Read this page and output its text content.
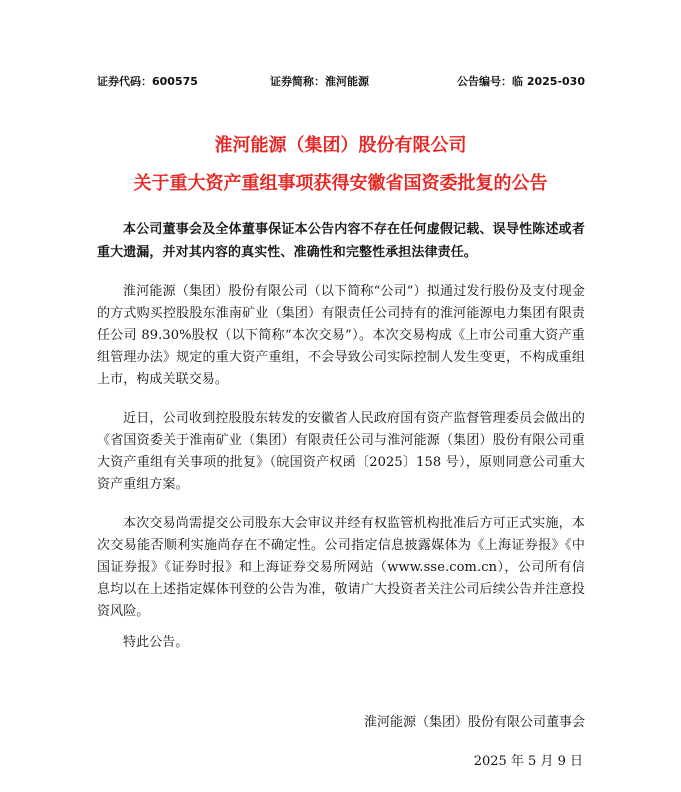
证券代码：600575	证券简称：淮河能源	公告编号：临 2025-030
淮河能源（集团）股份有限公司
关于重大资产重组事项获得安徽省国资委批复的公告
本公司董事会及全体董事保证本公告内容不存在任何虚假记载、误导性陈述或者重大遗漏，并对其内容的真实性、准确性和完整性承担法律责任。
淮河能源（集团）股份有限公司（以下简称“公司”）拟通过发行股份及支付现金的方式购买控股股东淮南矿业（集团）有限责任公司持有的淮河能源电力集团有限责任公司 89.30%股权（以下简称“本次交易”）。本次交易构成《上市公司重大资产重组管理办法》规定的重大资产重组，不会导致公司实际控制人发生变更，不构成重组上市，构成关联交易。
近日，公司收到控股股东转发的安徽省人民政府国有资产监督管理委员会做出的《省国资委关于淮南矿业（集团）有限责任公司与淮河能源（集团）股份有限公司重大资产重组有关事项的批复》（皖国资产权函〔2025〕158 号），原则同意公司重大资产重组方案。
本次交易尚需提交公司股东大会审议并经有权监管机构批准后方可正式实施，本次交易能否顺利实施尚存在不确定性。公司指定信息披露媒体为《上海证券报》《中国证券报》《证券时报》和上海证券交易所网站（www.sse.com.cn），公司所有信息均以在上述指定媒体刊登的公告为准，敬请广大投资者关注公司后续公告并注意投资风险。
特此公告。
淮河能源（集团）股份有限公司董事会
2025 年 5 月 9 日
